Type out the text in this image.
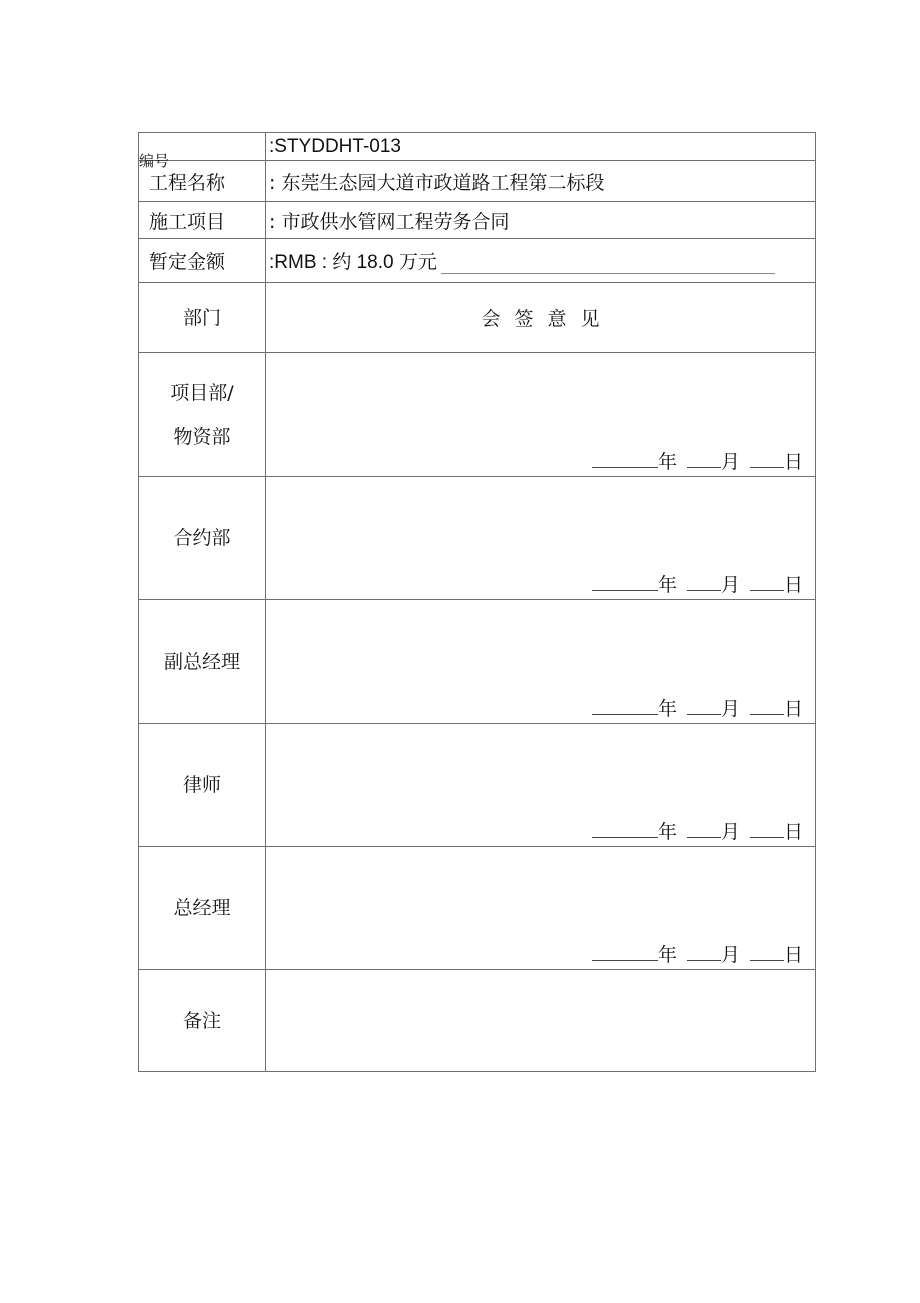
编号	:STYDDHT-013

工程名称	: 东莞生态园大道市政道路工程第二标段
施工项目	: 市政供水管网工程劳务合同
暂定金额	:RMB : 约 18.0 万元
部门	会签意见

项目部/
物资部	年 月 日

合约部	年 月 日

副总经理	年 月 日

律师	年 月 日

总经理	年 月 日

备注	
